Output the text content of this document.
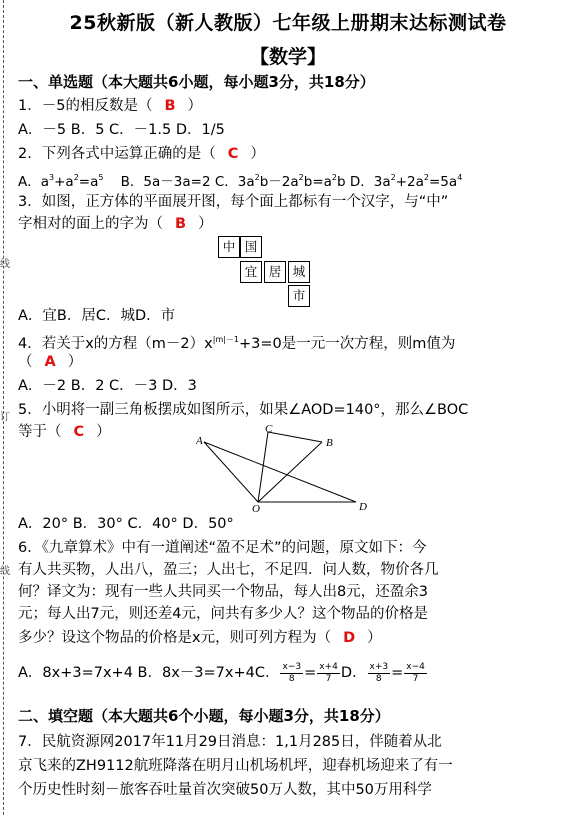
线
订
线
25秋新版（新人教版）七年级上册期末达标测试卷
【数学】
一、单选题（本大题共6小题，每小题3分，共18分）
1．－5的相反数是（ B ）
A．－5 B．5 C．－1.5 D．1/5
2．下列各式中运算正确的是（ C ）
A．$a^3+a^2=a^5$ B．5a－3a=2 C．$3a^2b-2a^2b=a^2b$ D．$3a^2+2a^2=5a^4$
3．如图，正方体的平面展开图，每个面上都标有一个汉字，与“中”
字相对的面上的字为（ B ）
中 国
宜 居 城
市
A．宜B．居C．城D．市
4．若关于x的方程$(m-2)x^{|m|-1}+3=0$是一元一次方程，则m值为
（ A ）
A．－2 B．2 C．－3 D．3
5．小明将一副三角板摆成如图所示，如果∠AOD=140°，那么∠BOC
等于（ C ）
A	B
C
D
O
A．20° B．30° C．40° D．50°
6．《九章算术》中有一道阐述“盈不足术”的问题，原文如下：今
有人共买物，人出八，盈三；人出七，不足四．问人数，物价各几
何？译文为：现有一些人共同买一个物品，每人出8元，还盈余3
元；每人出7元，则还差4元，问共有多少人？这个物品的价格是
多少？设这个物品的价格是x元，则可列方程为（ D ）
A．8x+3=7x+4 B．8x－3=7x+4C． $\frac{x-3}{8} = \frac{x+4}{7}$ D． $\frac{x+3}{8} = \frac{x-4}{7}$
二、填空题（本大题共6个小题，每小题3分，共18分）
7．民航资源网2017年11月29日消息：1,1月285日，伴随着从北
京飞来的ZH9112航班降落在明月山机场机坪，迎春机场迎来了有一
个历史性时刻－旅客吞吐量首次突破50万人数，其中50万用科学
